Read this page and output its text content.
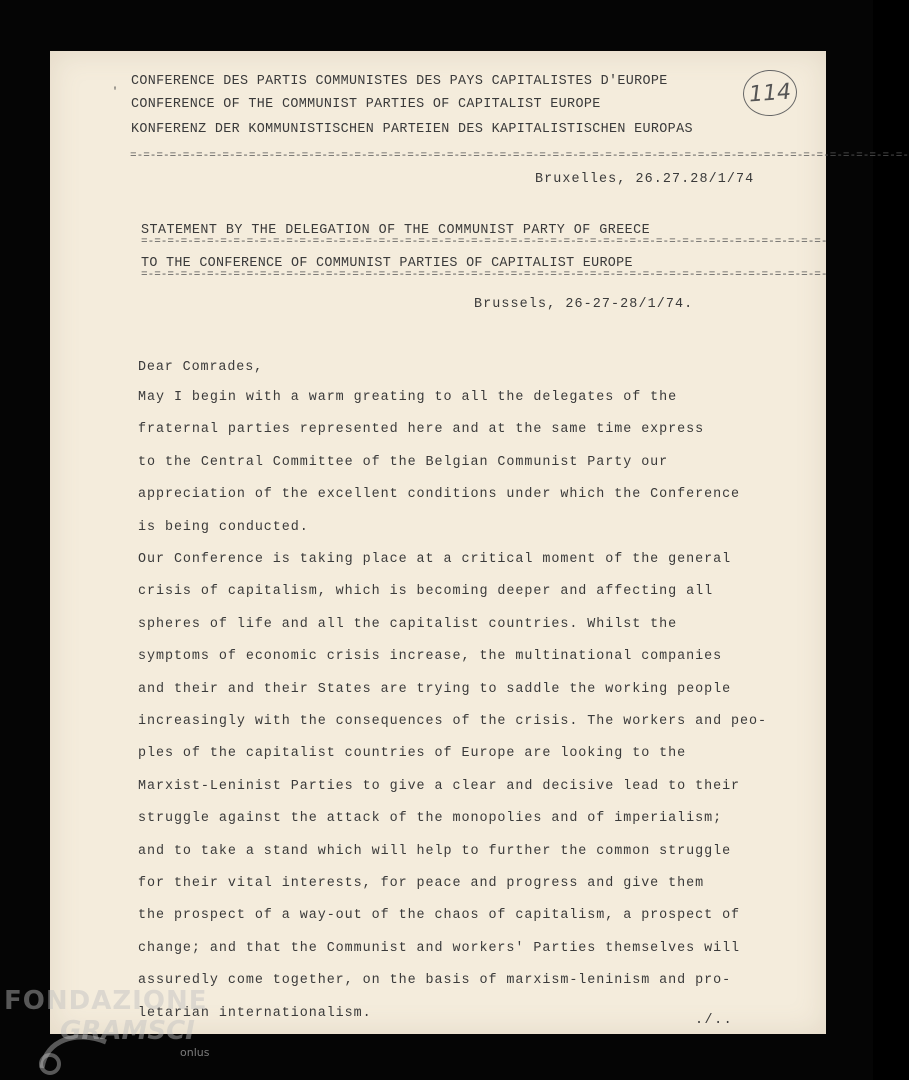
'
CONFERENCE DES PARTIS COMMUNISTES DES PAYS CAPITALISTES D'EUROPE
CONFERENCE OF THE COMMUNIST PARTIES OF CAPITALIST EUROPE
KONFERENZ DER KOMMUNISTISCHEN PARTEIEN DES KAPITALISTISCHEN EUROPAS
=-=-=-=-=-=-=-=-=-=-=-=-=-=-=-=-=-=-=-=-=-=-=-=-=-=-=-=-=-=-=-=-=-=-=-=-=-=-=-=-=-=-=-=-=-=-=-=-=-=-=-=-=-=-=-=-=-=-=-
114
Bruxelles, 26.27.28/1/74
STATEMENT BY THE DELEGATION OF THE COMMUNIST PARTY OF GREECE
=-=-=-=-=-=-=-=-=-=-=-=-=-=-=-=-=-=-=-=-=-=-=-=-=-=-=-=-=-=-=-=-=-=-=-=-=-=-=-=-=-=-=-=-=-=-=-=-=-=-=-=-
TO THE CONFERENCE OF COMMUNIST PARTIES OF CAPITALIST EUROPE
=-=-=-=-=-=-=-=-=-=-=-=-=-=-=-=-=-=-=-=-=-=-=-=-=-=-=-=-=-=-=-=-=-=-=-=-=-=-=-=-=-=-=-=-=-=-=-=-=-=-=-=-
Brussels, 26-27-28/1/74.
Dear Comrades,
May I begin with a warm greating to all the delegates of the
fraternal parties represented here and at the same time express
to the Central Committee of the Belgian Communist Party our
appreciation of the excellent conditions under which the Conference
is being conducted.
Our Conference is taking place at a critical moment of the general
crisis of capitalism, which is becoming deeper and affecting all
spheres of life and all the capitalist countries. Whilst the
symptoms of economic crisis increase, the multinational companies
and their and their States are trying to saddle the working people
increasingly with the consequences of the crisis. The workers and peo-
ples of the capitalist countries of Europe are looking to the
Marxist-Leninist Parties to give a clear and decisive lead to their
struggle against the attack of the monopolies and of imperialism;
and to take a stand which will help to further the common struggle
for their vital interests, for peace and progress and give them
the prospect of a way-out of the chaos of capitalism, a prospect of
change; and that the Communist and workers' Parties themselves will
assuredly come together, on the basis of marxism-leninism and pro-
letarian internationalism.	./..
FONDAZIONE
GRAMSCI
onlus
